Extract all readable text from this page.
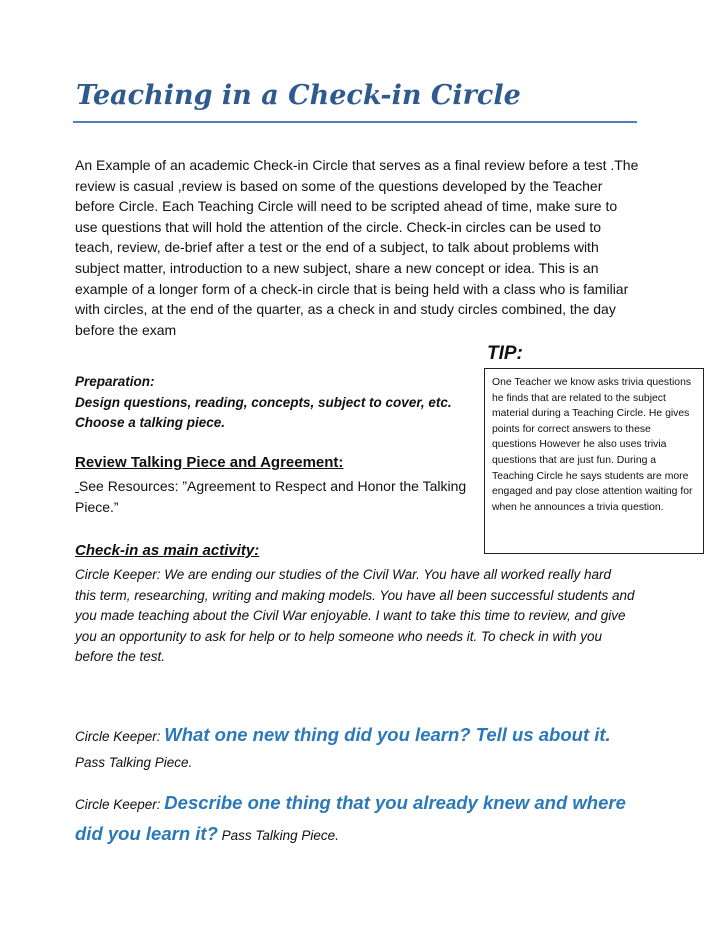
Teaching in a Check-in Circle

An Example of an academic Check-in Circle that serves as a final review before a test .The review is casual ,review is based on some of the questions developed by the Teacher before Circle. Each Teaching Circle will need to be scripted ahead of time, make sure to use questions that will hold the attention of the circle. Check-in circles can be used to teach, review, de-brief after a test or the end of a subject, to talk about problems with subject matter, introduction to a new subject, share a new concept or idea. This is an example of a longer form of a check-in circle that is being held with a class who is familiar with circles, at the end of the quarter, as a check in and study circles combined, the day before the exam

TIP:
One Teacher we know asks trivia questions he finds that are related to the subject material during a Teaching Circle. He gives points for correct answers to these questions However he also uses trivia questions that are just fun. During a Teaching Circle he says students are more engaged and pay close attention waiting for when he announces a trivia question.
Preparation:
Design questions, reading, concepts, subject to cover, etc.
Choose a talking piece.
Review Talking Piece and Agreement:

See Resources: ”Agreement to Respect and Honor the Talking Piece.”

Check-in as main activity:

Circle Keeper: We are ending our studies of the Civil War. You have all worked really hard this term, researching, writing and making models. You have all been successful students and you made teaching about the Civil War enjoyable. I want to take this time to review, and give you an opportunity to ask for help or to help someone who needs it. To check in with you before the test.

Circle Keeper: What one new thing did you learn? Tell us about it.
Pass Talking Piece.

Circle Keeper: Describe one thing that you already knew and where did you learn it? Pass Talking Piece.
